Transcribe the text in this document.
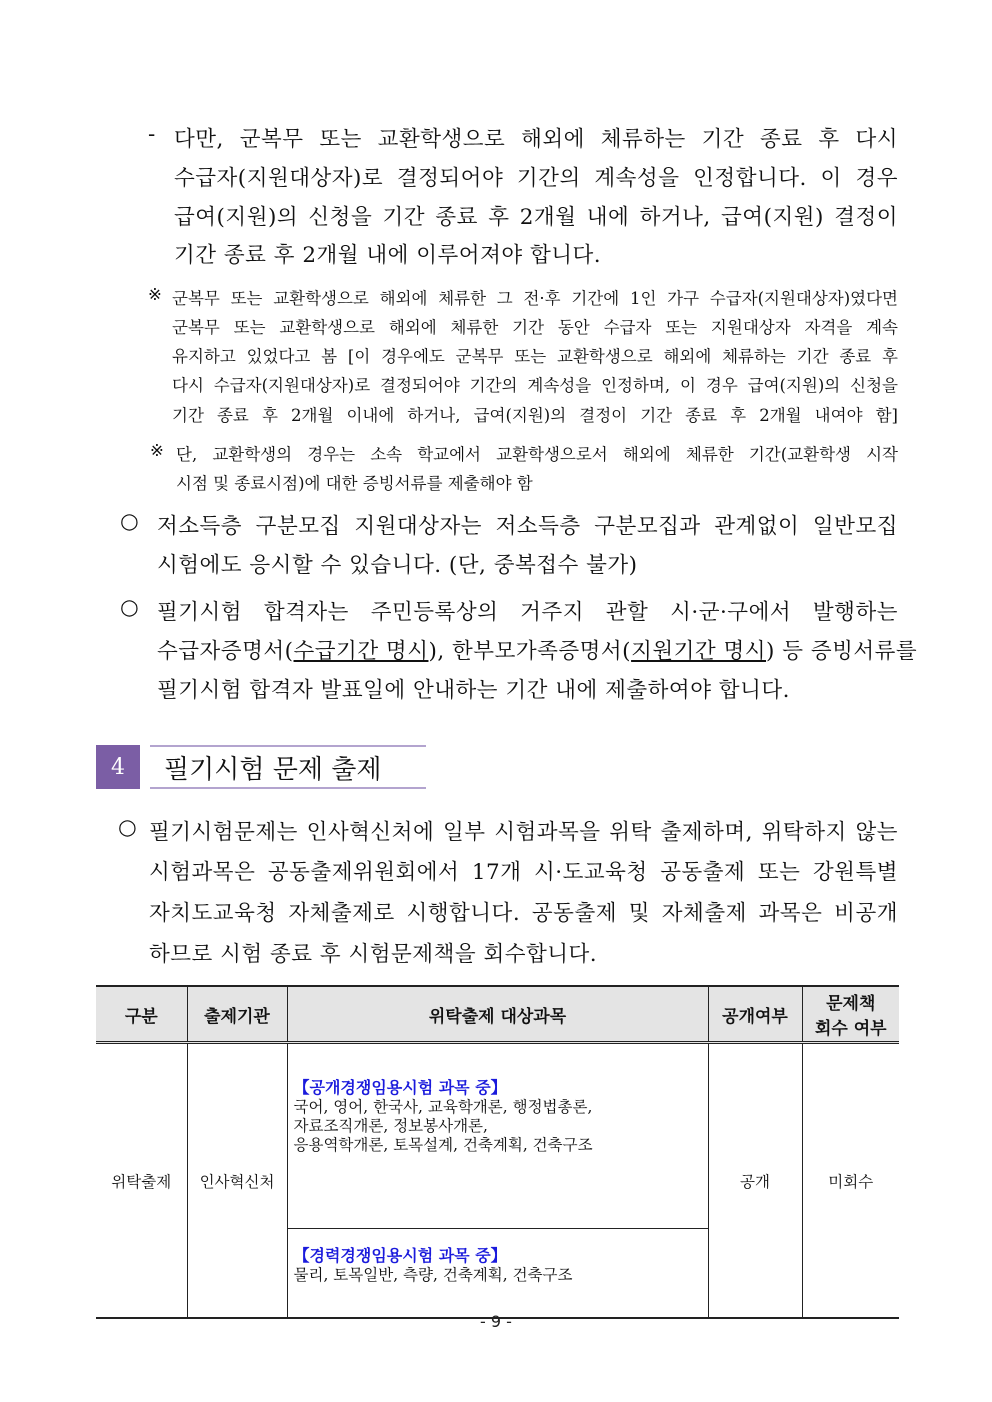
- 다만, 군복무 또는 교환학생으로 해외에 체류하는 기간 종료 후 다시

수급자(지원대상자)로 결정되어야 기간의 계속성을 인정합니다. 이 경우

급여(지원)의 신청을 기간 종료 후 2개월 내에 하거나, 급여(지원) 결정이

기간 종료 후 2개월 내에 이루어져야 합니다.

※ 군복무 또는 교환학생으로 해외에 체류한 그 전·후 기간에 1인 가구 수급자(지원대상자)였다면

군복무 또는 교환학생으로 해외에 체류한 기간 동안 수급자 또는 지원대상자 자격을 계속

유지하고 있었다고 봄 [이 경우에도 군복무 또는 교환학생으로 해외에 체류하는 기간 종료 후

다시 수급자(지원대상자)로 결정되어야 기간의 계속성을 인정하며, 이 경우 급여(지원)의 신청을

기간 종료 후 2개월 이내에 하거나, 급여(지원)의 결정이 기간 종료 후 2개월 내여야 함]

※ 단, 교환학생의 경우는 소속 학교에서 교환학생으로서 해외에 체류한 기간(교환학생 시작

시점 및 종료시점)에 대한 증빙서류를 제출해야 함

○ 저소득층 구분모집 지원대상자는 저소득층 구분모집과 관계없이 일반모집

시험에도 응시할 수 있습니다. (단, 중복접수 불가)

○ 필기시험 합격자는 주민등록상의 거주지 관할 시·군·구에서 발행하는

수급자증명서(수급기간 명시), 한부모가족증명서(지원기간 명시) 등 증빙서류를

필기시험 합격자 발표일에 안내하는 기간 내에 제출하여야 합니다.

4	필기시험 문제 출제
○ 필기시험문제는 인사혁신처에 일부 시험과목을 위탁 출제하며, 위탁하지 않는

시험과목은 공동출제위원회에서 17개 시·도교육청 공동출제 또는 강원특별

자치도교육청 자체출제로 시행합니다. 공동출제 및 자체출제 과목은 비공개

하므로 시험 종료 후 시험문제책을 회수합니다.

구분	출제기관	위탁출제 대상과목	공개여부	문제책
회수 여부

위탁출제	인사혁신처	【공개경쟁임용시험 과목 중】
국어, 영어, 한국사, 교육학개론, 행정법총론,
자료조직개론, 정보봉사개론,
응용역학개론, 토목설계, 건축계획, 건축구조	공개	미회수

		【경력경쟁임용시험 과목 중】
물리, 토목일반, 측량, 건축계획, 건축구조		
- 9 -
